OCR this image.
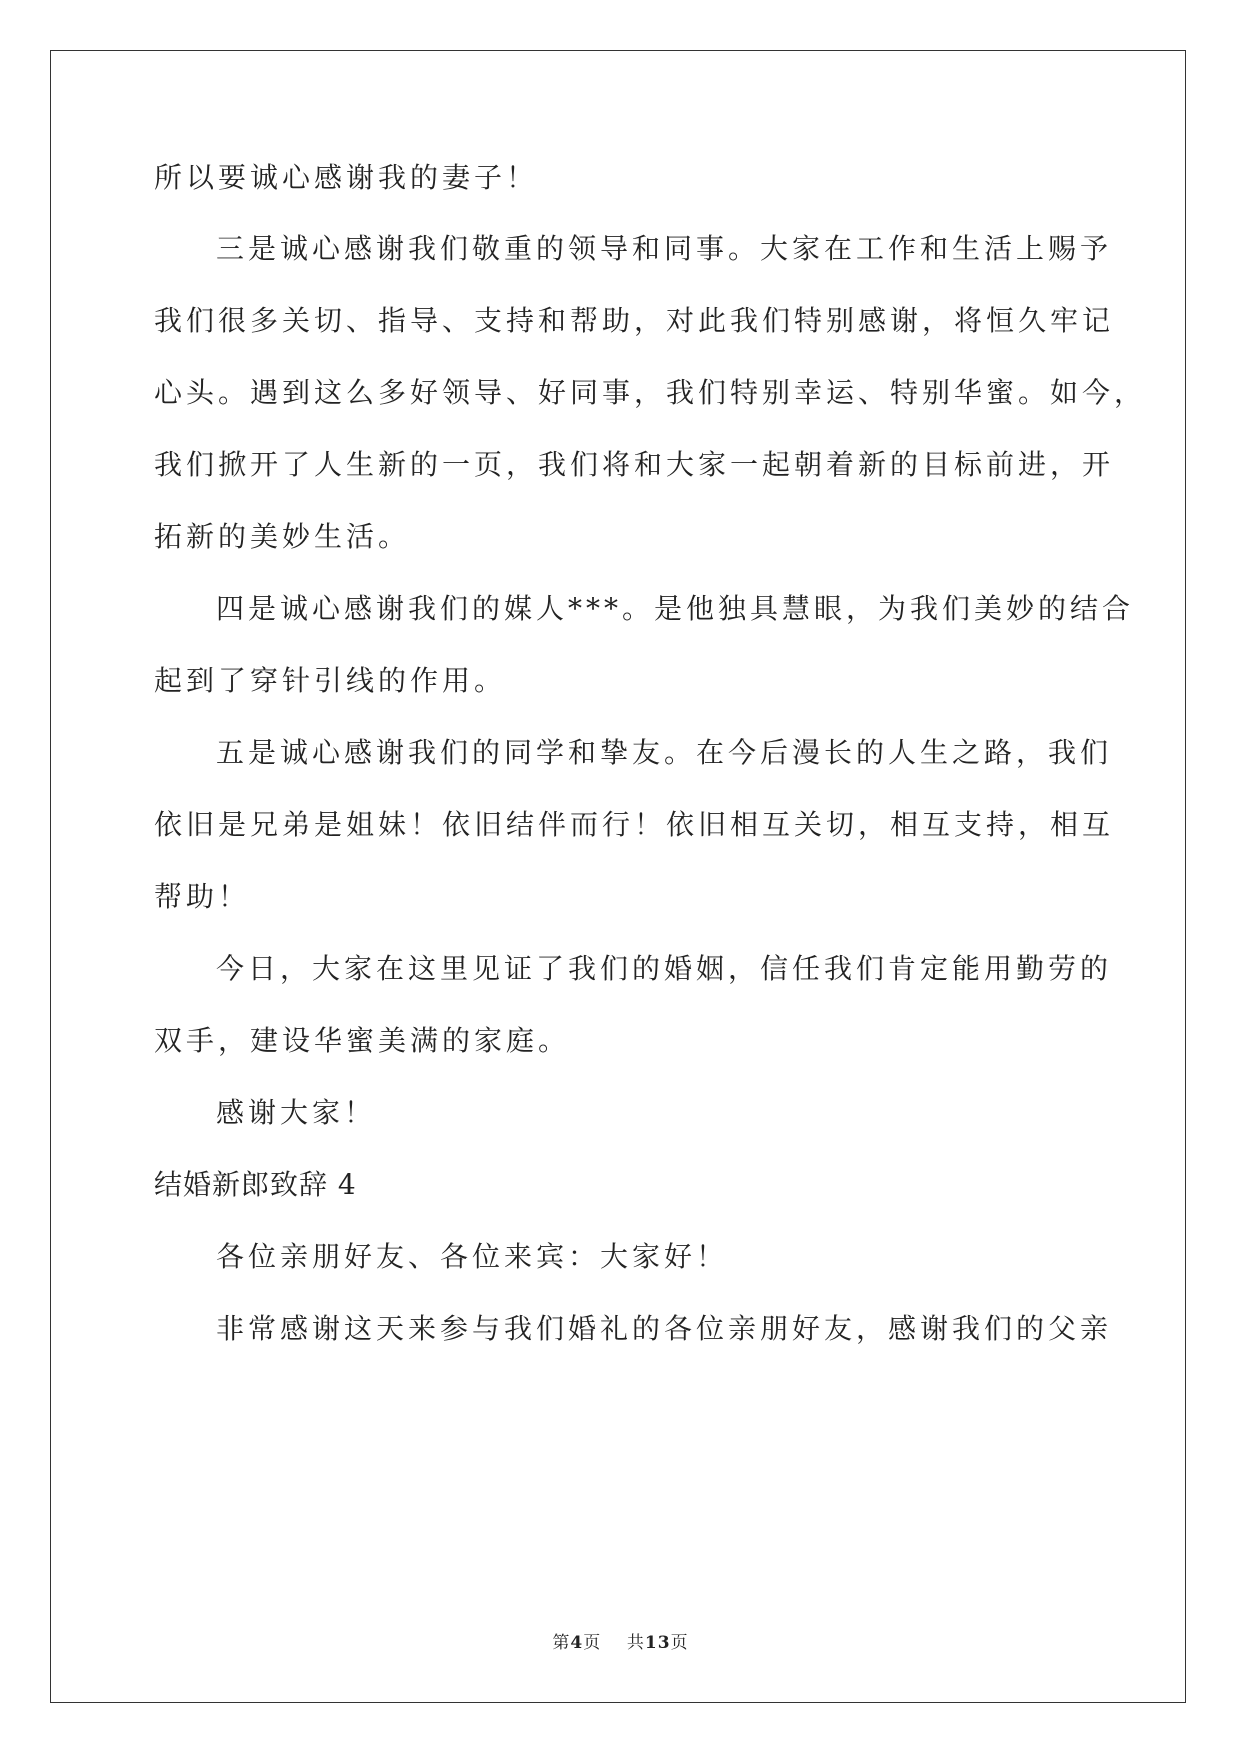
所以要诚心感谢我的妻子！
三是诚心感谢我们敬重的领导和同事。大家在工作和生活上赐予
我们很多关切、指导、支持和帮助，对此我们特别感谢，将恒久牢记
心头。遇到这么多好领导、好同事，我们特别幸运、特别华蜜。如今，
我们掀开了人生新的一页，我们将和大家一起朝着新的目标前进，开
拓新的美妙生活。
四是诚心感谢我们的媒人***。是他独具慧眼，为我们美妙的结合
起到了穿针引线的作用。
五是诚心感谢我们的同学和挚友。在今后漫长的人生之路，我们
依旧是兄弟是姐妹！依旧结伴而行！依旧相互关切，相互支持，相互
帮助！
今日，大家在这里见证了我们的婚姻，信任我们肯定能用勤劳的
双手，建设华蜜美满的家庭。
感谢大家！
结婚新郎致辞 4
各位亲朋好友、各位来宾：大家好！
非常感谢这天来参与我们婚礼的各位亲朋好友，感谢我们的父亲
第4页 共13页
